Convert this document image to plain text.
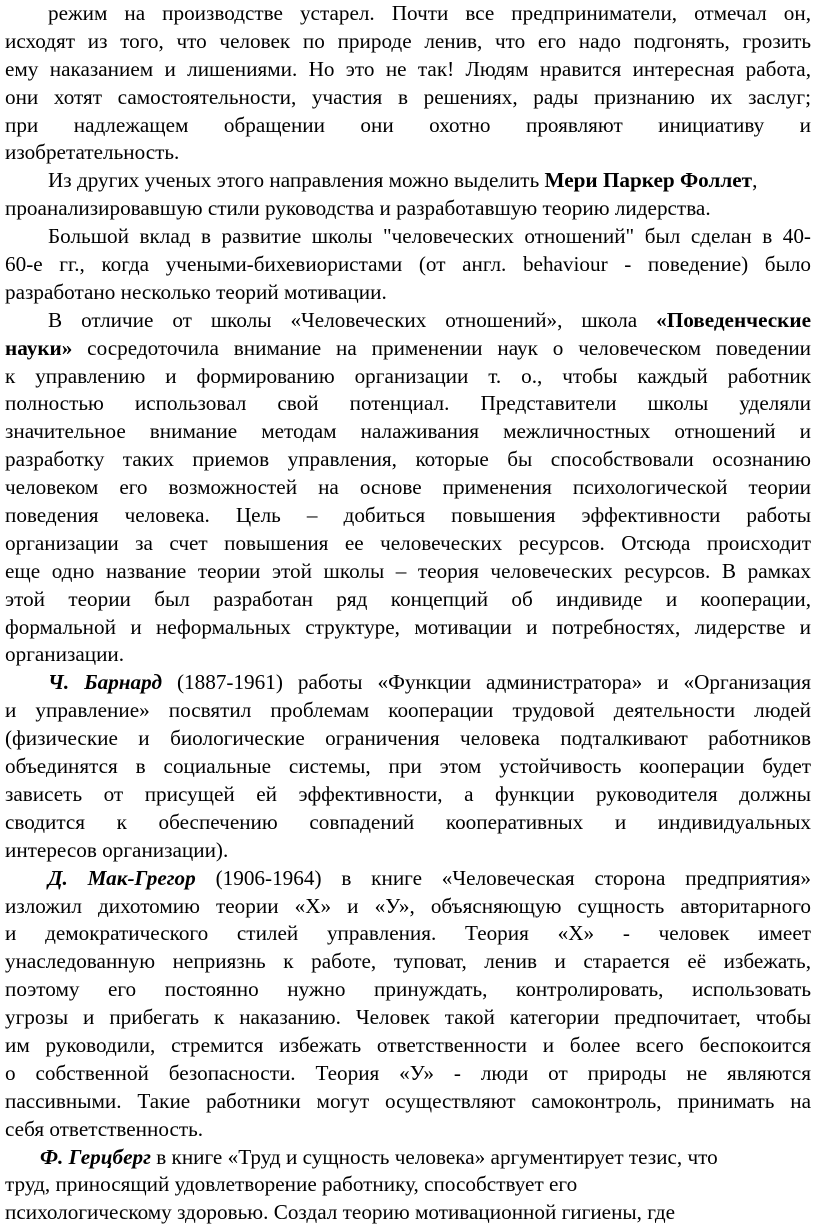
режим на производстве устарел. Почти все предприниматели, отмечал он,
исходят из того, что человек по природе ленив, что его надо подгонять, грозить
ему наказанием и лишениями. Но это не так! Людям нравится интересная работа,
они хотят самостоятельности, участия в решениях, рады признанию их заслуг;
при надлежащем обращении они охотно проявляют инициативу и
изобретательность.
Из других ученых этого направления можно выделить Мери Паркер Фоллет,
проанализировавшую стили руководства и разработавшую теорию лидерства.
Большой вклад в развитие школы "человеческих отношений" был сделан в 40-
60-е гг., когда учеными-бихевиористами (от англ. behaviour - поведение) было
разработано несколько теорий мотивации.
В отличие от школы «Человеческих отношений», школа «Поведенческие
науки» сосредоточила внимание на применении наук о человеческом поведении
к управлению и формированию организации т. о., чтобы каждый работник
полностью использовал свой потенциал. Представители школы уделяли
значительное внимание методам налаживания межличностных отношений и
разработку таких приемов управления, которые бы способствовали осознанию
человеком его возможностей на основе применения психологической теории
поведения человека. Цель – добиться повышения эффективности работы
организации за счет повышения ее человеческих ресурсов. Отсюда происходит
еще одно название теории этой школы – теория человеческих ресурсов. В рамках
этой теории был разработан ряд концепций об индивиде и кооперации,
формальной и неформальных структуре, мотивации и потребностях, лидерстве и
организации.
Ч. Барнард (1887-1961) работы «Функции администратора» и «Организация
и управление» посвятил проблемам кооперации трудовой деятельности людей
(физические и биологические ограничения человека подталкивают работников
объединятся в социальные системы, при этом устойчивость кооперации будет
зависеть от присущей ей эффективности, а функции руководителя должны
сводится к обеспечению совпадений кооперативных и индивидуальных
интересов организации).
Д. Мак-Грегор (1906-1964) в книге «Человеческая сторона предприятия»
изложил дихотомию теории «X» и «У», объясняющую сущность авторитарного
и демократического стилей управления. Теория «X» - человек имеет
унаследованную неприязнь к работе, туповат, ленив и старается её избежать,
поэтому его постоянно нужно принуждать, контролировать, использовать
угрозы и прибегать к наказанию. Человек такой категории предпочитает, чтобы
им руководили, стремится избежать ответственности и более всего беспокоится
о собственной безопасности. Теория «У» - люди от природы не являются
пассивными. Такие работники могут осуществляют самоконтроль, принимать на
себя ответственность.
Ф. Герцберг в книге «Труд и сущность человека» аргументирует тезис, что
труд, приносящий удовлетворение работнику, способствует его
психологическому здоровью. Создал теорию мотивационной гигиены, где
